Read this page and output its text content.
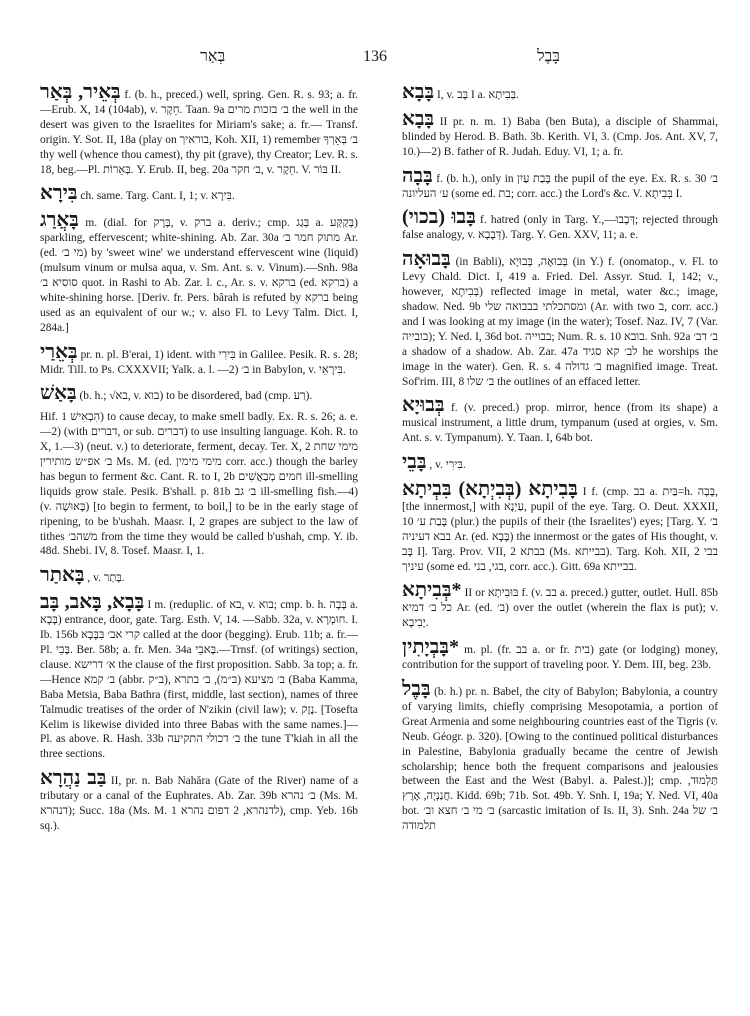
בְּאַר	136	בָּבֶל

בְּאֵיר, בְּאַר f. (b. h., preced.) well, spring. Gen. R. s. 93; a. fr.—Erub. X, 14 (104ab), v. חֵקֶר. Taan. 9a ב׳ בזכות מרים the well in the desert was given to the Israelites for Miriam's sake; a. fr.— Transf. origin. Y. Sot. II, 18a (play on בוראיך, Koh. XII, 1) remember ב׳ בְּאֵרְךָ thy well (whence thou camest), thy pit (grave), thy Creator; Lev. R. s. 18, beg.—Pl. בְּאֵרוֹת. Y. Erub. II, beg. 20a ב׳ חקר, v. חֵקֶר. V. בּוֹר II.

בִּירָא ch. same. Targ. Cant. I, 1; v. בִּירָא.

בָּאֲרַג m. (dial. for בָּרָק, v. ברק a. deriv.; cmp. בְּגַג a. בְּקַקַּע) sparkling, effervescent; white-shining. Ab. Zar. 30a מתוק חמר ב׳ Ar. (ed. מי ב׳) by 'sweet wine' we understand effervescent wine (liquid) (mulsum vinum or mulsa aqua, v. Sm. Ant. s. v. Vinum).—Snh. 98a סוסיא ב׳ quot. in Rashi to Ab. Zar. l. c., Ar. s. v. ברקא (ed. ברקא) a white-shining horse. [Deriv. fr. Pers. bârah is refuted by ברקא being used as an equivalent of our w.; v. also Fl. to Levy Talm. Dict. I, 284a.]

בְּאֵרַי pr. n. pl. B'erai, 1) ident. with בִּירִי in Galilee. Pesik. R. s. 28; Midr. Till. to Ps. CXXXVII; Yalk. a. l. —2) ב׳ in Babylon, v. בִּירָאֵי.

בָּאַשׁ (b. h.; √בא, v. בוא) to be disordered, bad (cmp. רַע).

Hif. הִבְאִישׁ 1) to cause decay, to make smell badly. Ex. R. s. 26; a. e.—2) (with דברים, or sub. דברים) to use insulting language. Koh. R. to X, 1.—3) (neut. v.) to deteriorate, ferment, decay. Ter. X, 2 מימי שחת ב׳ אפ״ש מותירין Ms. M. (ed. מימי מימין corr. acc.) though the barley has begun to ferment &c. Cant. R. to I, 2b חמים מְבַאֲשִׁים ill-smelling liquids grow stale. Pesik. B'shall. p. 81b ב׳ גב ill-smelling fish.—4) (v. בָּאוּשָׁה) [to begin to ferment, to boil,] to be in the early stage of ripening, to be b'ushah. Maasr. I, 2 grapes are subject to the law of tithes משׁהב׳ from the time they would be called b'ushah, cmp. Y. ib. 48d. Shebi. IV, 8. Tosef. Maasr. I, 1.

בָּאתַר , v. בָּתַר.

בָּבָא, בָּאב, בָּב I m. (reduplic. of בא, v. בוא; cmp. b. h. בָּבָה a. בָּבָא) entrance, door, gate. Targ. Esth. V, 14. —Sabb. 32a, v. חוּמְרָא. I. Ib. 156b קרי אב׳ בִּבָּבָא called at the door (begging). Erub. 11b; a. fr.—Pl. בָּבֵי. Ber. 58b; a. fr. Men. 34a בָּאבֵי.—Trnsf. (of writings) section, clause. א׳ דרישא the clause of the first proposition. Sabb. 3a top; a. fr.—Hence ב׳ קמא (abbr. ב״ק), ב׳ מציעא (ב״מ), ב׳ בתרא (Baba Kamma, Baba Metsia, Baba Bathra (first, middle, last section), names of three Talmudic treatises of the order of N'zikin (civil law); v. נֶזֶק. [Tosefta Kelim is likewise divided into three Babas with the same names.]—Pl. as above. R. Hash. 33b ב׳ דכולי התקיעה the tune T'kiah in all the three sections.

בַּב נַהֲרָא II, pr. n. Bab Nahăra (Gate of the River) name of a tributary or a canal of the Euphrates. Ab. Zar. 39b ב׳ נהרא (Ms. M. דנהרא); Succ. 18a (Ms. M. 1 לדנהרא, 2 דפום נהרא), cmp. Yeb. 16b sq.).

בָּבָא I, v. בָּב I a. בְּבִיתָא.

בָּבָא II pr. n. m. 1) Baba (ben Buta), a disciple of Shammai, blinded by Herod. B. Bath. 3b. Kerith. VI, 3. (Cmp. Jos. Ant. XV, 7, 10.)—2) B. father of R. Judah. Eduy. VI, 1; a. fr.

בָּבָה f. (b. h.), only in בָּבַת עַיִן the pupil of the eye. Ex. R. s. 30 ב׳ ע׳ העליונה (some ed. בת; corr. acc.) the Lord's &c. V. בְּבִיתָא I.

בָּבוּ (בכוי) f. hatred (only in Targ. Y.,—דְּבָבוּ; rejected through false analogy, v. דְּבָבָא). Targ. Y. Gen. XXV, 11; a. e.

בָּבוּאָה (in Babli), בְּבוּאָה, בְּבוּיָא (in Y.) f. (onomatop., v. Fl. to Levy Chald. Dict. I, 419 a. Fried. Del. Assyr. Stud. I, 142; v., however, בְּבִיתָא) reflected image in metal, water &c.; image, shadow. Ned. 9b ומסתכלתי בבבואה שלי (Ar. with two ב, corr. acc.) and I was looking at my image (in the water); Tosef. Naz. IV, 7 (Var. בובייה); Y. Ned. I, 36d bot. בבוייה; Num. R. s. 10 בובא. Snh. 92a ב׳ דב׳ a shadow of a shadow. Ab. Zar. 47a לב׳ קא סגיד he worships the image in the water). Gen. R. s. 4 ב׳ גדולה magnified image. Treat. Sof'rim. III, 8 ב׳ שלו the outlines of an effaced letter.

בְּבוּיָא f. (v. preced.) prop. mirror, hence (from its shape) a musical instrument, a little drum, tympanum (used at orgies, v. Sm. Ant. s. v. Tympanum). Y. Taan. I, 64b bot.

בָּבֵי , v. בִּירִי.

בָּבִיתָא (בְּבִיְתָא) בִּבְיתָא I f. (cmp. בב a. בַּיִת=h. בָּבָה, [the innermost,] with עַיְנָא, pupil of the eye. Targ. O. Deut. XXXII, 10 בָּבַת ע׳ (plur.) the pupils of their (the Israelites') eyes; [Targ. Y. ב׳ בבא דעיניה Ar. (ed. בָּבָא) the innermost or the gates of His thought, v. בָּב I]. Targ. Prov. VII, 2 בבתא (Ms. בבייתא). Targ. Koh. XII, 2 בבי עיניך (some ed. בגי, בני, corr. acc.). Gitt. 69a בבייתא.

*בְּבִיתָא II or בּוּבִיתָא f. (v. בב a. preced.) gutter, outlet. Hull. 85b כל ב׳ דמיא Ar. (ed. ב׳) over the outlet (wherein the flax is put); v. יָבִיבָא.

*בָּבְיָתִין m. pl. (fr. בב a. or fr. בית) gate (or lodging) money, contribution for the support of traveling poor. Y. Dem. III, beg. 23b.

בָּבֶל (b. h.) pr. n. Babel, the city of Babylon; Babylonia, a country of varying limits, chiefly comprising Mesopotamia, a portion of Great Armenia and some neighbouring countries east of the Tigris (v. Neub. Géogr. p. 320). [Owing to the continued political disturbances in Palestine, Babylonia gradually became the centre of Jewish scholarship; hence both the frequent comparisons and jealousies between the East and the West (Babyl. a. Palest.)]; cmp. תַּלְמוּד, חֲנַנְיָה, אֶרֶץ. Kidd. 69b; 71b. Sot. 49b. Y. Snh. I, 19a; Y. Ned. VI, 40a bot. ב׳ מי ב׳ חצא וב׳ (sarcastic imitation of Is. II, 3). Snh. 24a ב׳ של תלמודה
